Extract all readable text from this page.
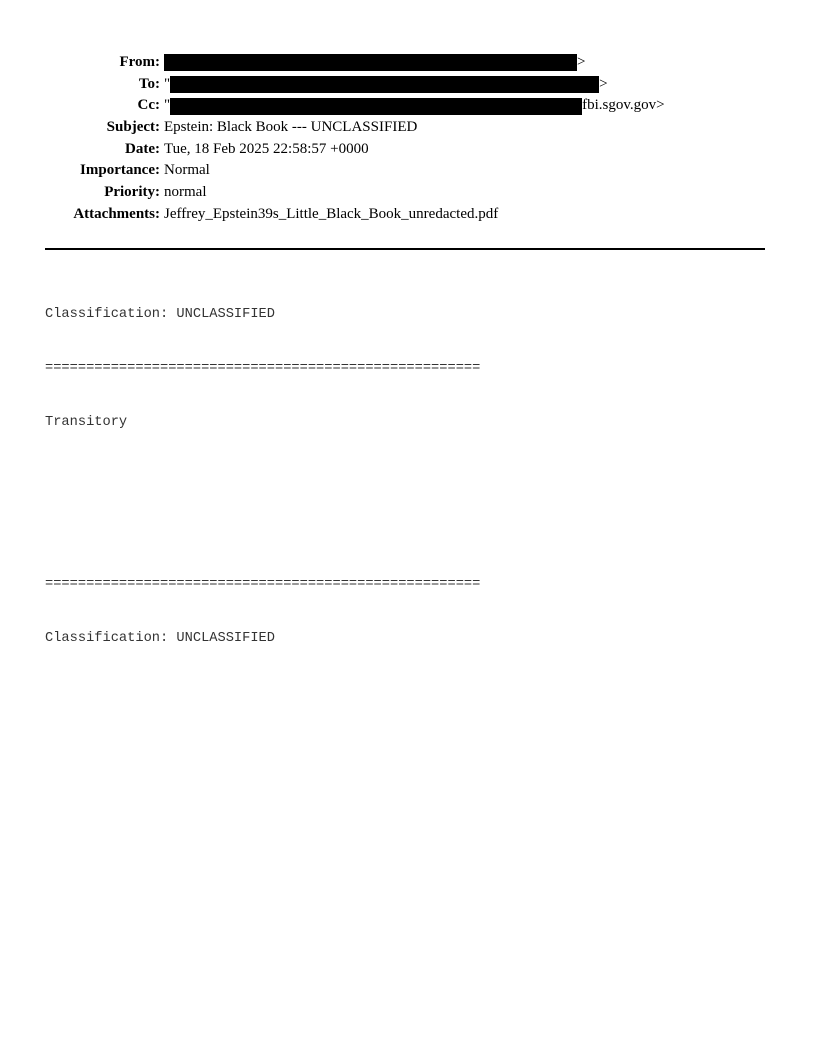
From:	>
To: "	>
Cc: "	fbi.sgov.gov>
Subject: Epstein: Black Book --- UNCLASSIFIED
Date: Tue, 18 Feb 2025 22:58:57 +0000
Importance: Normal
Priority: normal
Attachments: Jeffrey_Epstein39s_Little_Black_Book_unredacted.pdf

Classification: UNCLASSIFIED

=====================================================

Transitory

=====================================================

Classification: UNCLASSIFIED
